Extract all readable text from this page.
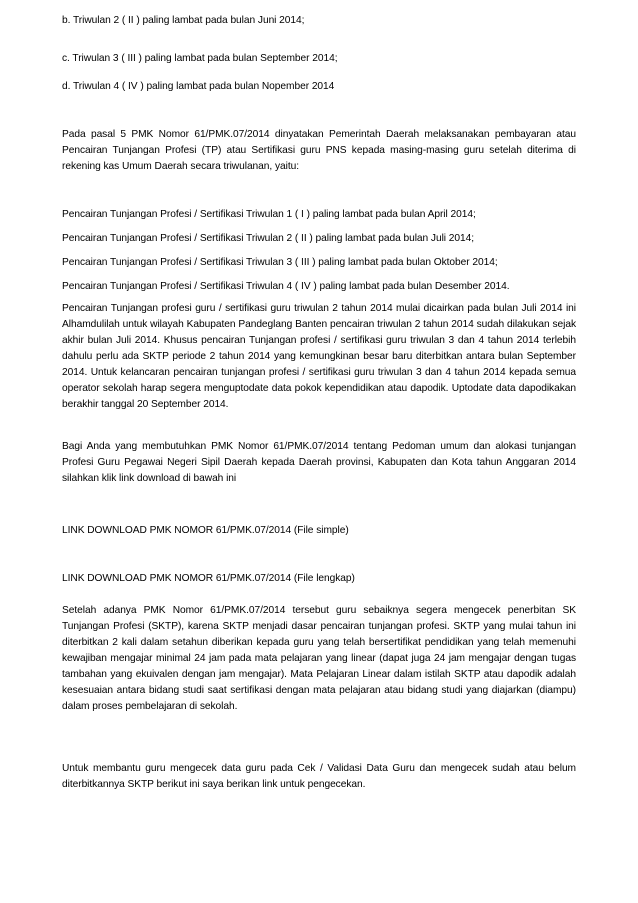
b. Triwulan 2 ( II ) paling lambat pada bulan Juni 2014;

c. Triwulan 3 ( III ) paling lambat pada bulan September 2014;

d. Triwulan 4 ( IV ) paling lambat pada bulan Nopember 2014

Pada pasal 5 PMK Nomor 61/PMK.07/2014 dinyatakan Pemerintah Daerah melaksanakan pembayaran atau Pencairan Tunjangan Profesi (TP) atau Sertifikasi guru PNS kepada masing-masing guru setelah diterima di rekening kas Umum Daerah secara triwulanan, yaitu:

Pencairan Tunjangan Profesi / Sertifikasi Triwulan 1 ( I ) paling lambat pada bulan April 2014;

Pencairan Tunjangan Profesi / Sertifikasi Triwulan 2 ( II ) paling lambat pada bulan Juli 2014;

Pencairan Tunjangan Profesi / Sertifikasi Triwulan 3 ( III ) paling lambat pada bulan Oktober 2014;

Pencairan Tunjangan Profesi / Sertifikasi Triwulan 4 ( IV ) paling lambat pada bulan Desember 2014.

Pencairan Tunjangan profesi guru / sertifikasi guru triwulan 2 tahun 2014 mulai dicairkan pada bulan Juli 2014 ini Alhamdulilah untuk wilayah Kabupaten Pandeglang Banten pencairan triwulan 2 tahun 2014 sudah dilakukan sejak akhir bulan Juli 2014. Khusus pencairan Tunjangan profesi / sertifikasi guru triwulan 3 dan 4 tahun 2014 terlebih dahulu perlu ada SKTP periode 2 tahun 2014 yang kemungkinan besar baru diterbitkan antara bulan September 2014. Untuk kelancaran pencairan tunjangan profesi / sertifikasi guru triwulan 3 dan 4 tahun 2014 kepada semua operator sekolah harap segera menguptodate data pokok kependidikan atau dapodik. Uptodate data dapodikakan berakhir tanggal 20 September 2014.

Bagi Anda yang membutuhkan PMK Nomor 61/PMK.07/2014 tentang Pedoman umum dan alokasi tunjangan Profesi Guru Pegawai Negeri Sipil Daerah kepada Daerah provinsi, Kabupaten dan Kota tahun Anggaran 2014 silahkan klik link download di bawah ini

LINK DOWNLOAD PMK NOMOR 61/PMK.07/2014 (File simple)

LINK DOWNLOAD PMK NOMOR 61/PMK.07/2014 (File lengkap)

Setelah adanya PMK Nomor 61/PMK.07/2014 tersebut guru sebaiknya segera mengecek penerbitan SK Tunjangan Profesi (SKTP), karena SKTP menjadi dasar pencairan tunjangan profesi. SKTP yang mulai tahun ini diterbitkan 2 kali dalam setahun diberikan kepada guru yang telah bersertifikat pendidikan yang telah memenuhi kewajiban mengajar minimal 24 jam pada mata pelajaran yang linear (dapat juga 24 jam mengajar dengan tugas tambahan yang ekuivalen dengan jam mengajar). Mata Pelajaran Linear dalam istilah SKTP atau dapodik adalah kesesuaian antara bidang studi saat sertifikasi dengan mata pelajaran atau bidang studi yang diajarkan (diampu) dalam proses pembelajaran di sekolah.

Untuk membantu guru mengecek data guru pada Cek / Validasi Data Guru dan mengecek sudah atau belum diterbitkannya SKTP berikut ini saya berikan link untuk pengecekan.
